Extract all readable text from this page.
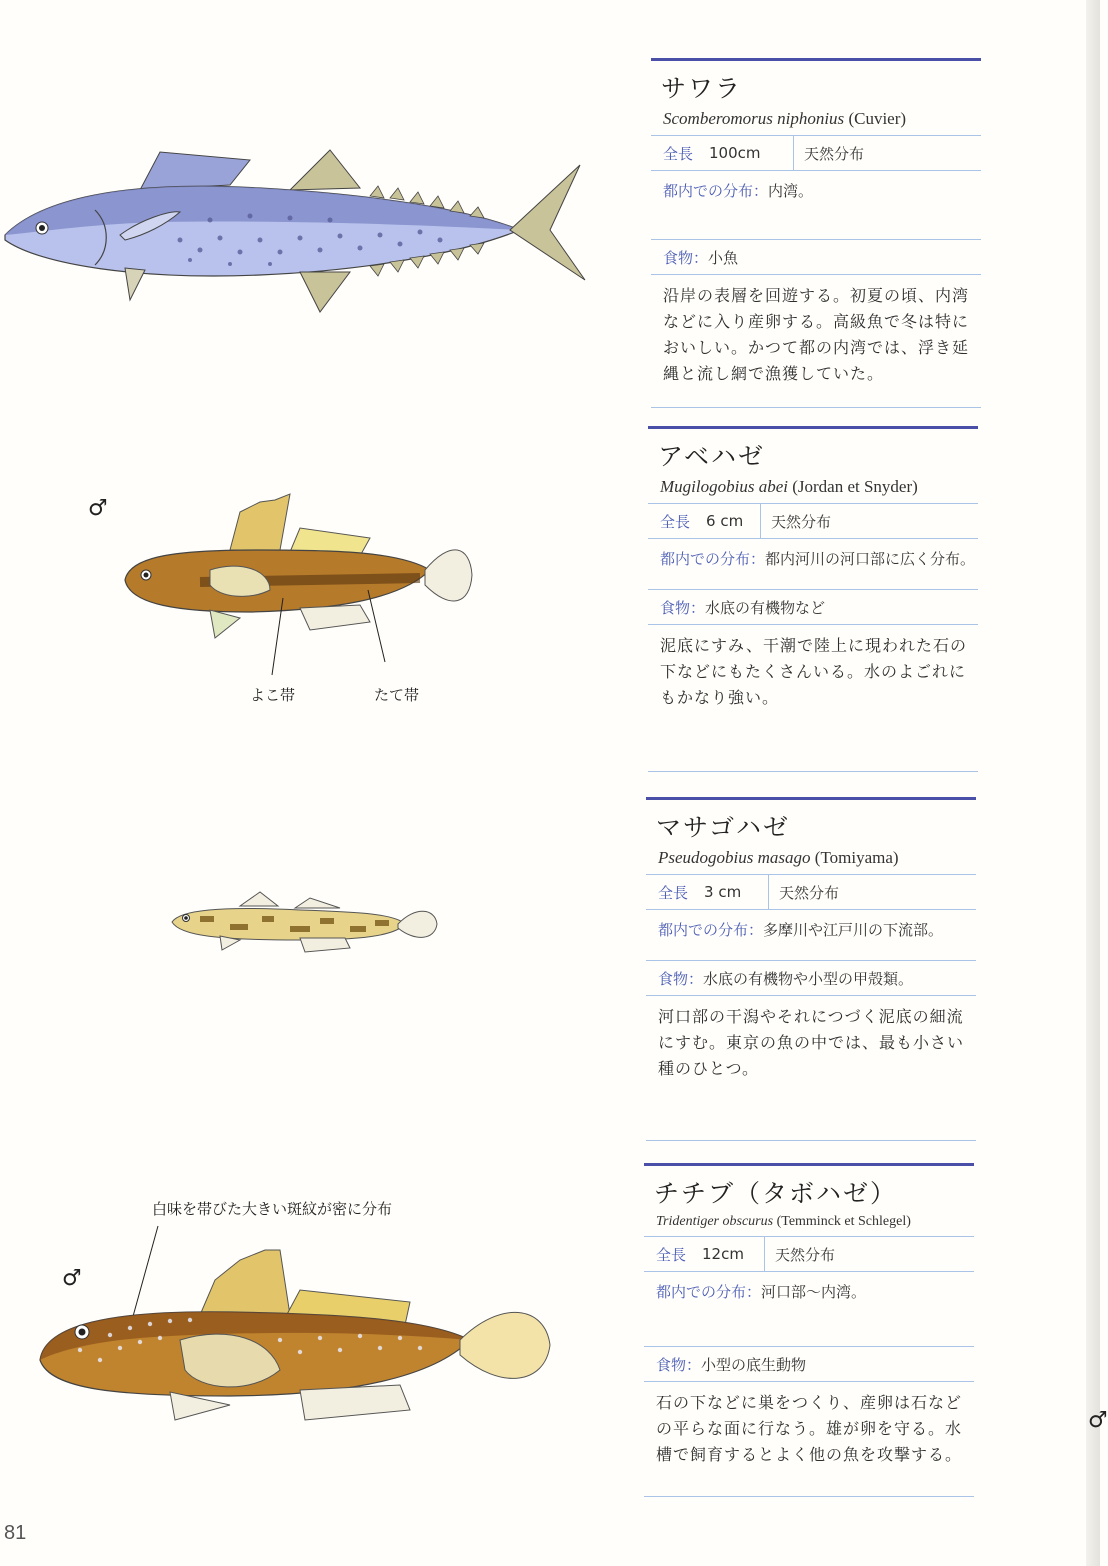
♂
よこ帯	たて帯
白味を帯びた大きい斑紋が密に分布
♂
サワラ
Scomberomorus niphonius (Cuvier)
全長 100cm	天然分布
都内での分布：内湾。
食物： 小魚
沿岸の表層を回遊する。初夏の頃、内湾などに入り産卵する。高級魚で冬は特においしい。かつて都の内湾では、浮き延縄と流し網で漁獲していた。
アベハゼ
Mugilogobius abei (Jordan et Snyder)
全長 6 cm	天然分布
都内での分布：都内河川の河口部に広く分布。
食物： 水底の有機物など
泥底にすみ、干潮で陸上に現われた石の下などにもたくさんいる。水のよごれにもかなり強い。
マサゴハゼ
Pseudogobius masago (Tomiyama)
全長 3 cm	天然分布
都内での分布：多摩川や江戸川の下流部。
食物： 水底の有機物や小型の甲殻類。
河口部の干潟やそれにつづく泥底の細流にすむ。東京の魚の中では、最も小さい種のひとつ。
チチブ（タボハゼ）
Tridentiger obscurus (Temminck et Schlegel)
全長 12cm	天然分布
都内での分布：河口部～内湾。
食物： 小型の底生動物
石の下などに巣をつくり、産卵は石などの平らな面に行なう。雄が卵を守る。水槽で飼育するとよく他の魚を攻撃する。
♂
81
